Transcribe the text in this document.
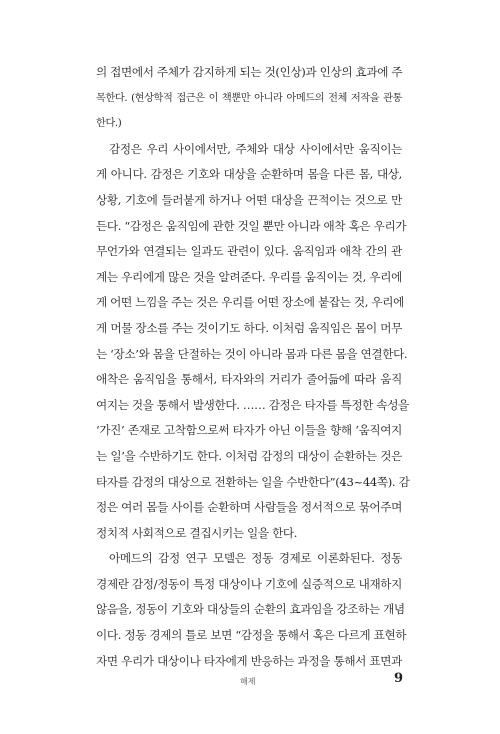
의 접면에서 주체가 감지하게 되는 것(인상)과 인상의 효과에 주
목한다. (현상학적 접근은 이 책뿐만 아니라 아메드의 전체 저작을 관통
한다.)
감정은 우리 사이에서만, 주체와 대상 사이에서만 움직이는
게 아니다. 감정은 기호와 대상을 순환하며 몸을 다른 몸, 대상,
상황, 기호에 들러붙게 하거나 어떤 대상을 끈적이는 것으로 만
든다. “감정은 움직임에 관한 것일 뿐만 아니라 애착 혹은 우리가
무언가와 연결되는 일과도 관련이 있다. 움직임과 애착 간의 관
계는 우리에게 많은 것을 알려준다. 우리를 움직이는 것, 우리에
게 어떤 느낌을 주는 것은 우리를 어떤 장소에 붙잡는 것, 우리에
게 머물 장소를 주는 것이기도 하다. 이처럼 움직임은 몸이 머무
는 ‘장소’와 몸을 단절하는 것이 아니라 몸과 다른 몸을 연결한다.
애착은 움직임을 통해서, 타자와의 거리가 줄어듦에 따라 움직
여지는 것을 통해서 발생한다. …… 감정은 타자를 특정한 속성을
‘가진’ 존재로 고착함으로써 타자가 아닌 이들을 향해 ‘움직여지
는 일’을 수반하기도 한다. 이처럼 감정의 대상이 순환하는 것은
타자를 감정의 대상으로 전환하는 일을 수반한다”(43~44쪽). 감
정은 여러 몸들 사이를 순환하며 사람들을 정서적으로 묶어주며
정치적 사회적으로 결집시키는 일을 한다.
아메드의 감정 연구 모델은 정동 경제로 이론화된다. 정동
경제란 감정/정동이 특정 대상이나 기호에 실증적으로 내재하지
않음을, 정동이 기호와 대상들의 순환의 효과임을 강조하는 개념
이다. 정동 경제의 틀로 보면 “감정을 통해서 혹은 다르게 표현하
자면 우리가 대상이나 타자에게 반응하는 과정을 통해서 표면과
해제	9
